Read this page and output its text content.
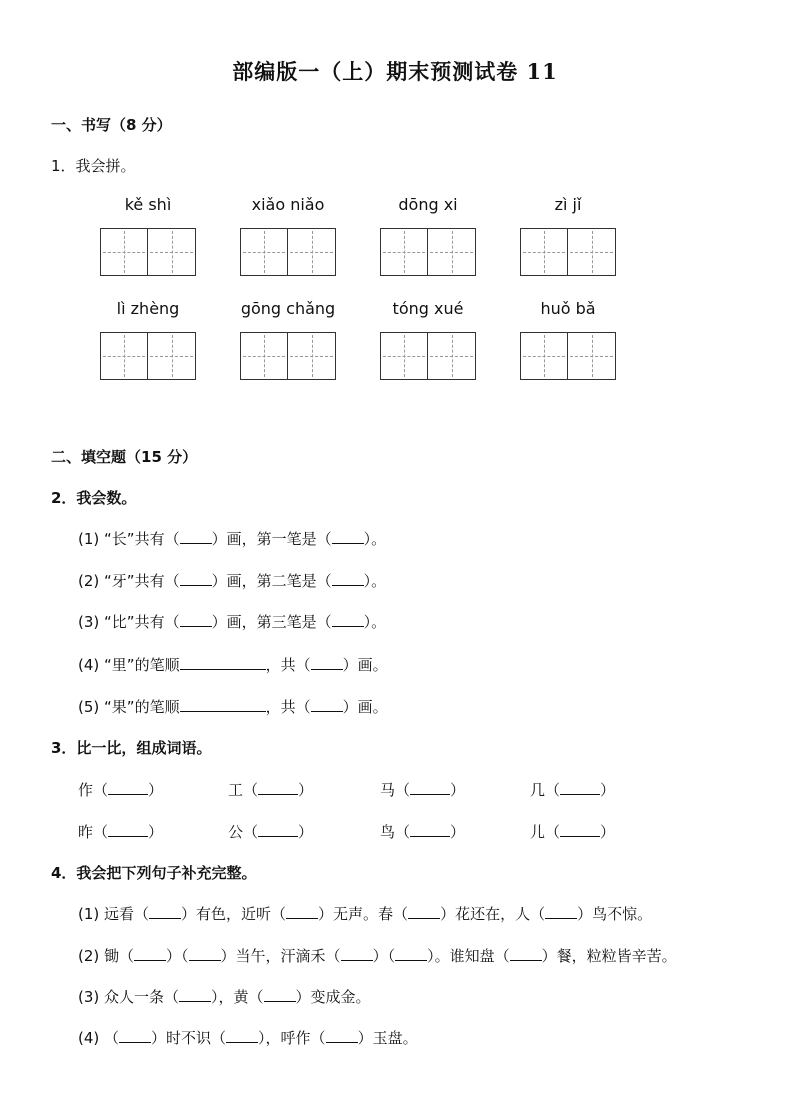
部编版一（上）期末预测试卷 11
一、书写（8 分）
1．我会拼。
kě shì	xiǎo niǎo	dōng xi	zì jǐ
lì zhèng	gōng chǎng	tóng xué	huǒ bǎ
二、填空题（15 分）
2．我会数。
(1) “长”共有（ ）画，第一笔是（ ）。
(2) “牙”共有（ ）画，第二笔是（ ）。
(3) “比”共有（ ）画，第三笔是（ ）。
(4) “里”的笔顺	，共（ ）画。
(5) “果”的笔顺	，共（ ）画。
3．比一比，组成词语。
作（	）	工（	）	马（	）	几（	）
昨（	）	公（	）	鸟（	）	儿（	）
4．我会把下列句子补充完整。
(1) 远看（ ）有色，近听（ ）无声。春（ ）花还在，人（ ）鸟不惊。
(2) 锄（ ）（ ）当午，汗滴禾（ ）（ ）。谁知盘（ ）餐，粒粒皆辛苦。
(3) 众人一条（ ），黄（ ）变成金。
(4) （ ）时不识（ ），呼作（ ）玉盘。
